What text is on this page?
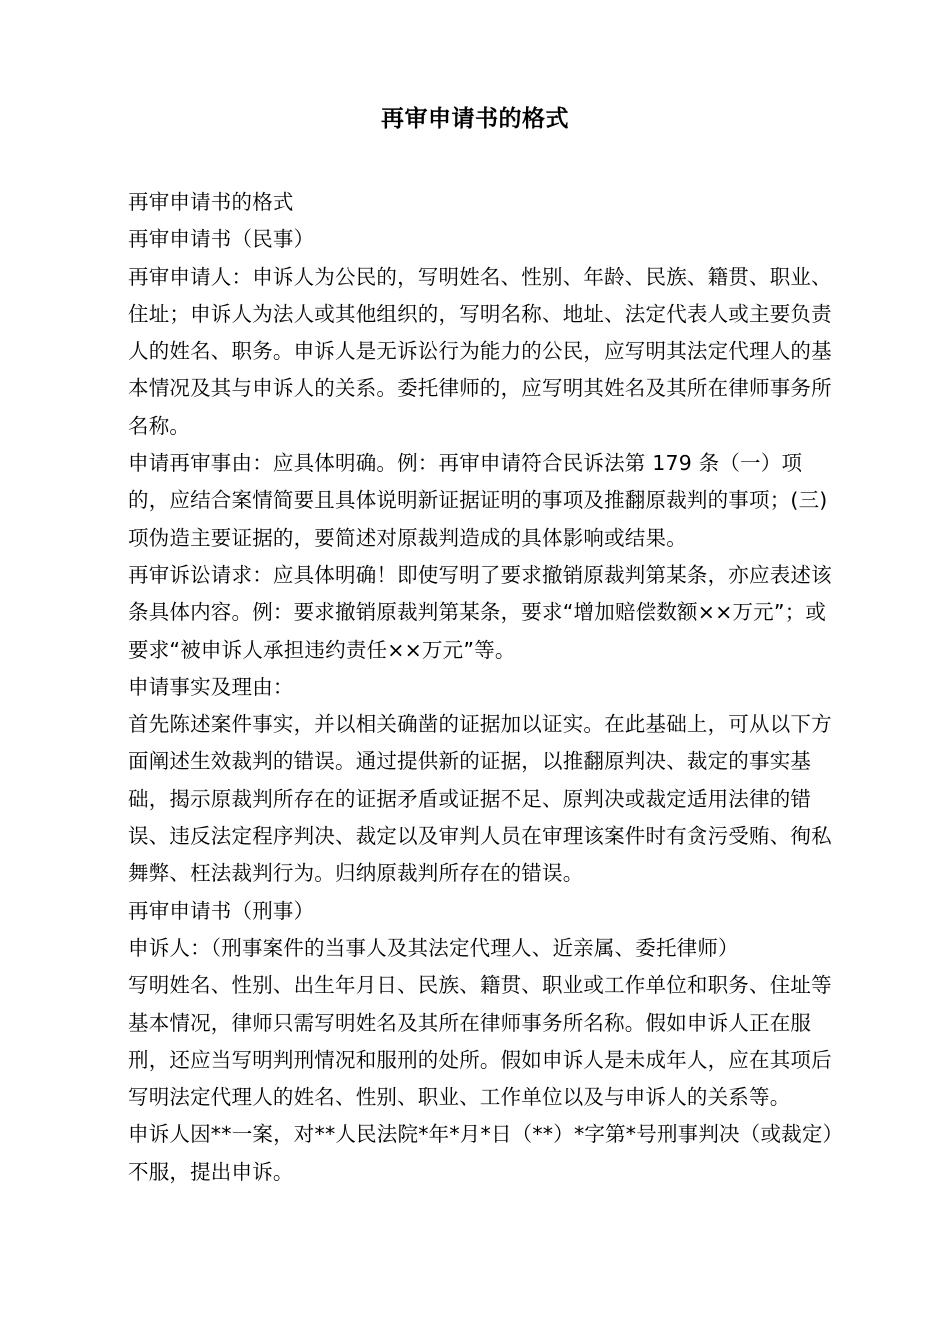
再审申请书的格式

再审申请书的格式

再审申请书（民事）

再审申请人：申诉人为公民的，写明姓名、性别、年龄、民族、籍贯、职业、住址；申诉人为法人或其他组织的，写明名称、地址、法定代表人或主要负责人的姓名、职务。申诉人是无诉讼行为能力的公民，应写明其法定代理人的基本情况及其与申诉人的关系。委托律师的，应写明其姓名及其所在律师事务所名称。

申请再审事由：应具体明确。例：再审申请符合民诉法第 179 条（一）项的，应结合案情简要且具体说明新证据证明的事项及推翻原裁判的事项；(三)项伪造主要证据的，要简述对原裁判造成的具体影响或结果。

再审诉讼请求：应具体明确！即使写明了要求撤销原裁判第某条，亦应表述该条具体内容。例：要求撤销原裁判第某条，要求“增加赔偿数额××万元”；或要求“被申诉人承担违约责任××万元”等。

申请事实及理由：

首先陈述案件事实，并以相关确凿的证据加以证实。在此基础上，可从以下方面阐述生效裁判的错误。通过提供新的证据，以推翻原判决、裁定的事实基础，揭示原裁判所存在的证据矛盾或证据不足、原判决或裁定适用法律的错误、违反法定程序判决、裁定以及审判人员在审理该案件时有贪污受贿、徇私舞弊、枉法裁判行为。归纳原裁判所存在的错误。

再审申请书（刑事）

申诉人：（刑事案件的当事人及其法定代理人、近亲属、委托律师）

写明姓名、性别、出生年月日、民族、籍贯、职业或工作单位和职务、住址等基本情况，律师只需写明姓名及其所在律师事务所名称。假如申诉人正在服刑，还应当写明判刑情况和服刑的处所。假如申诉人是未成年人，应在其项后写明法定代理人的姓名、性别、职业、工作单位以及与申诉人的关系等。

申诉人因**一案，对**人民法院*年*月*日（**）*字第*号刑事判决（或裁定）不服，提出申诉。
